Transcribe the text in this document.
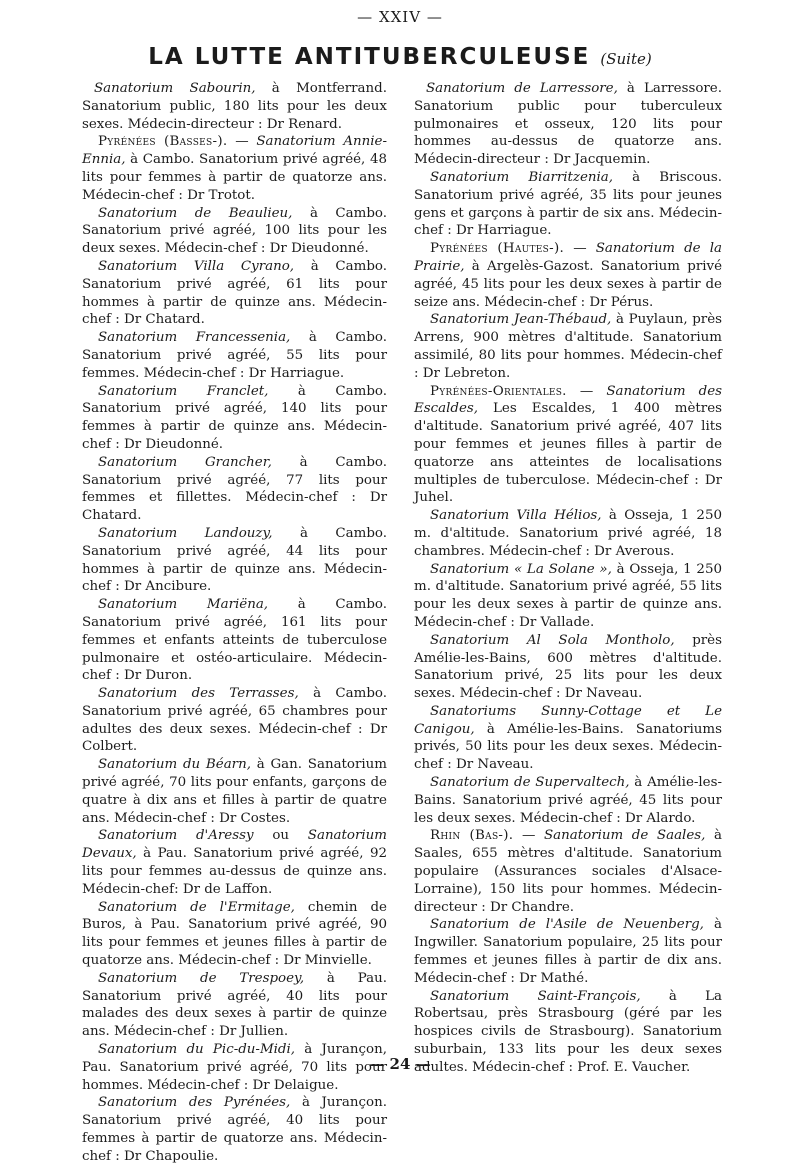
— XXIV —
LA LUTTE ANTITUBERCULEUSE (Suite)

Sanatorium Sabourin, à Montferrand. Sanatorium public, 180 lits pour les deux sexes. Médecin-directeur : Dr Renard.

Pyrénées (Basses-). — Sanatorium Annie-Ennia, à Cambo. Sanatorium privé agréé, 48 lits pour femmes à partir de quatorze ans. Médecin-chef : Dr Trotot.

Sanatorium de Beaulieu, à Cambo. Sanatorium privé agréé, 100 lits pour les deux sexes. Médecin-chef : Dr Dieudonné.

Sanatorium Villa Cyrano, à Cambo. Sanatorium privé agréé, 61 lits pour hommes à partir de quinze ans. Médecin-chef : Dr Chatard.

Sanatorium Francessenia, à Cambo. Sanatorium privé agréé, 55 lits pour femmes. Médecin-chef : Dr Harriague.

Sanatorium Franclet, à Cambo. Sanatorium privé agréé, 140 lits pour femmes à partir de quinze ans. Médecin-chef : Dr Dieudonné.

Sanatorium Grancher, à Cambo. Sanatorium privé agréé, 77 lits pour femmes et fillettes. Médecin-chef : Dr Chatard.

Sanatorium Landouzy, à Cambo. Sanatorium privé agréé, 44 lits pour hommes à partir de quinze ans. Médecin-chef : Dr Ancibure.

Sanatorium Mariëna, à Cambo. Sanatorium privé agréé, 161 lits pour femmes et enfants atteints de tuberculose pulmonaire et ostéo-articulaire. Médecin-chef : Dr Duron.

Sanatorium des Terrasses, à Cambo. Sanatorium privé agréé, 65 chambres pour adultes des deux sexes. Médecin-chef : Dr Colbert.

Sanatorium du Béarn, à Gan. Sanatorium privé agréé, 70 lits pour enfants, garçons de quatre à dix ans et filles à partir de quatre ans. Médecin-chef : Dr Costes.

Sanatorium d'Aressy ou Sanatorium Devaux, à Pau. Sanatorium privé agréé, 92 lits pour femmes au-dessus de quinze ans. Médecin-chef: Dr de Laffon.

Sanatorium de l'Ermitage, chemin de Buros, à Pau. Sanatorium privé agréé, 90 lits pour femmes et jeunes filles à partir de quatorze ans. Médecin-chef : Dr Minvielle.

Sanatorium de Trespoey, à Pau. Sanatorium privé agréé, 40 lits pour malades des deux sexes à partir de quinze ans. Médecin-chef : Dr Jullien.

Sanatorium du Pic-du-Midi, à Jurançon, Pau. Sanatorium privé agréé, 70 lits pour hommes. Médecin-chef : Dr Delaigue.

Sanatorium des Pyrénées, à Jurançon. Sanatorium privé agréé, 40 lits pour femmes à partir de quatorze ans. Médecin-chef : Dr Chapoulie.

Sanatorium de Larressore, à Larressore. Sanatorium public pour tuberculeux pulmonaires et osseux, 120 lits pour hommes au-dessus de quatorze ans. Médecin-directeur : Dr Jacquemin.

Sanatorium Biarritzenia, à Briscous. Sanatorium privé agréé, 35 lits pour jeunes gens et garçons à partir de six ans. Médecin-chef : Dr Harriague.

Pyrénées (Hautes-). — Sanatorium de la Prairie, à Argelès-Gazost. Sanatorium privé agréé, 45 lits pour les deux sexes à partir de seize ans. Médecin-chef : Dr Pérus.

Sanatorium Jean-Thébaud, à Puylaun, près Arrens, 900 mètres d'altitude. Sanatorium assimilé, 80 lits pour hommes. Médecin-chef : Dr Lebreton.

Pyrénées-Orientales. — Sanatorium des Escaldes, Les Escaldes, 1 400 mètres d'altitude. Sanatorium privé agréé, 407 lits pour femmes et jeunes filles à partir de quatorze ans atteintes de localisations multiples de tuberculose. Médecin-chef : Dr Juhel.

Sanatorium Villa Hélios, à Osseja, 1 250 m. d'altitude. Sanatorium privé agréé, 18 chambres. Médecin-chef : Dr Averous.

Sanatorium « La Solane », à Osseja, 1 250 m. d'altitude. Sanatorium privé agréé, 55 lits pour les deux sexes à partir de quinze ans. Médecin-chef : Dr Vallade.

Sanatorium Al Sola Montholo, près Amélie-les-Bains, 600 mètres d'altitude. Sanatorium privé, 25 lits pour les deux sexes. Médecin-chef : Dr Naveau.

Sanatoriums Sunny-Cottage et Le Canigou, à Amélie-les-Bains. Sanatoriums privés, 50 lits pour les deux sexes. Médecin-chef : Dr Naveau.

Sanatorium de Supervaltech, à Amélie-les-Bains. Sanatorium privé agréé, 45 lits pour les deux sexes. Médecin-chef : Dr Alardo.

Rhin (Bas-). — Sanatorium de Saales, à Saales, 655 mètres d'altitude. Sanatorium populaire (Assurances sociales d'Alsace-Lorraine), 150 lits pour hommes. Médecin-directeur : Dr Chandre.

Sanatorium de l'Asile de Neuenberg, à Ingwiller. Sanatorium populaire, 25 lits pour femmes et jeunes filles à partir de dix ans. Médecin-chef : Dr Mathé.

Sanatorium Saint-François, à La Robertsau, près Strasbourg (géré par les hospices civils de Strasbourg). Sanatorium suburbain, 133 lits pour les deux sexes adultes. Médecin-chef : Prof. E. Vaucher.

— 24 —
